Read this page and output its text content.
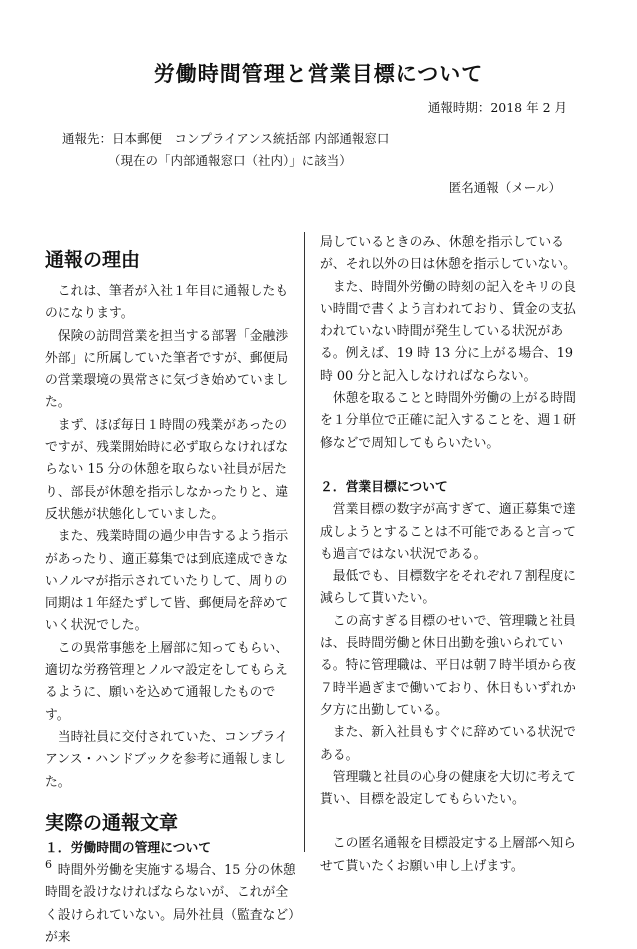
労働時間管理と営業目標について
通報時期：2018 年 2 月
通報先：日本郵便　コンプライアンス統括部 内部通報窓口
（現在の「内部通報窓口（社内）」に該当）
匿名通報（メール）
通報の理由

これは、筆者が入社１年目に通報したものになります。

保険の訪問営業を担当する部署「金融渉外部」に所属していた筆者ですが、郵便局の営業環境の異常さに気づき始めていました。

まず、ほぼ毎日１時間の残業があったのですが、残業開始時に必ず取らなければならない 15 分の休憩を取らない社員が居たり、部長が休憩を指示しなかったりと、違反状態が状態化していました。

また、残業時間の過少申告するよう指示があったり、適正募集では到底達成できないノルマが指示されていたりして、周りの同期は１年経たずして皆、郵便局を辞めていく状況でした。

この異常事態を上層部に知ってもらい、適切な労務管理とノルマ設定をしてもらえるように、願いを込めて通報したものです。

当時社員に交付されていた、コンプライアンス・ハンドブックを参考に通報しました。

実際の通報文章
１．労働時間の管理について

時間外労働を実施する場合、15 分の休憩時間を設けなければならないが、これが全く設けられていない。局外社員（監査など）が来

局しているときのみ、休憩を指示しているが、それ以外の日は休憩を指示していない。

また、時間外労働の時刻の記入をキリの良い時間で書くよう言われており、賃金の支払われていない時間が発生している状況がある。例えば、19 時 13 分に上がる場合、19 時 00 分と記入しなければならない。

休憩を取ることと時間外労働の上がる時間を１分単位で正確に記入することを、週１研修などで周知してもらいたい。

２．営業目標について

営業目標の数字が高すぎて、適正募集で達成しようとすることは不可能であると言っても過言ではない状況である。

最低でも、目標数字をそれぞれ７割程度に減らして貰いたい。

この高すぎる目標のせいで、管理職と社員は、長時間労働と休日出勤を強いられている。特に管理職は、平日は朝７時半頃から夜７時半過ぎまで働いており、休日もいずれか夕方に出勤している。

また、新入社員もすぐに辞めている状況である。

管理職と社員の心身の健康を大切に考えて貰い、目標を設定してもらいたい。

この匿名通報を目標設定する上層部へ知らせて貰いたくお願い申し上げます。

6
